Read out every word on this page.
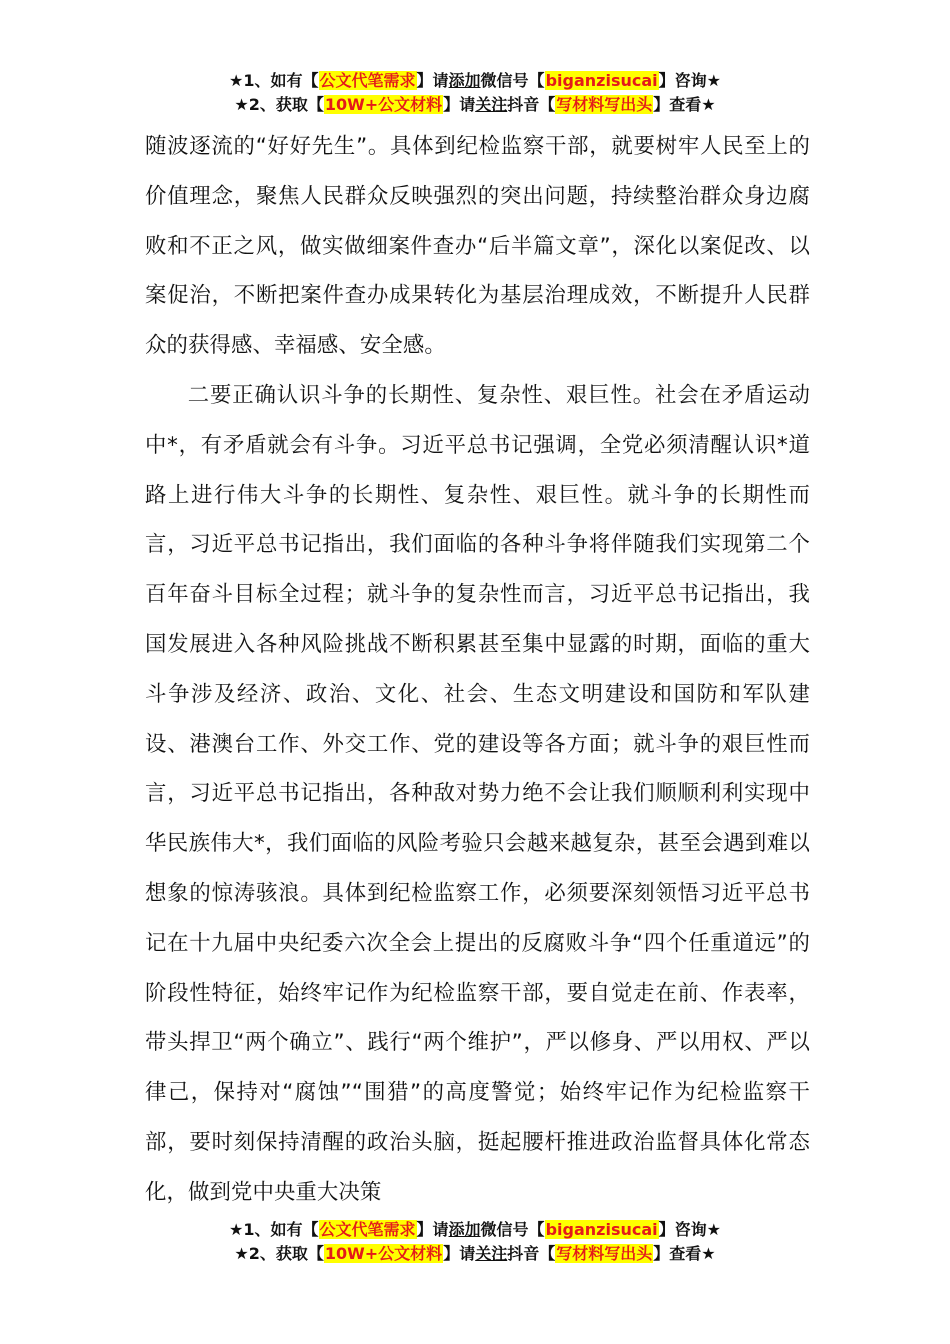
★1、如有【公文代笔需求】请添加微信号【biganzisucai】咨询★
★2、获取【10W+公文材料】请关注抖音【写材料写出头】查看★

随波逐流的“好好先生”。具体到纪检监察干部，就要树牢人民至上的价值理念，聚焦人民群众反映强烈的突出问题，持续整治群众身边腐败和不正之风，做实做细案件查办“后半篇文章”，深化以案促改、以案促治，不断把案件查办成果转化为基层治理成效，不断提升人民群众的获得感、幸福感、安全感。

二要正确认识斗争的长期性、复杂性、艰巨性。社会在矛盾运动中*，有矛盾就会有斗争。习近平总书记强调，全党必须清醒认识*道路上进行伟大斗争的长期性、复杂性、艰巨性。就斗争的长期性而言，习近平总书记指出，我们面临的各种斗争将伴随我们实现第二个百年奋斗目标全过程；就斗争的复杂性而言，习近平总书记指出，我国发展进入各种风险挑战不断积累甚至集中显露的时期，面临的重大斗争涉及经济、政治、文化、社会、生态文明建设和国防和军队建设、港澳台工作、外交工作、党的建设等各方面；就斗争的艰巨性而言，习近平总书记指出，各种敌对势力绝不会让我们顺顺利利实现中华民族伟大*，我们面临的风险考验只会越来越复杂，甚至会遇到难以想象的惊涛骇浪。具体到纪检监察工作，必须要深刻领悟习近平总书记在十九届中央纪委六次全会上提出的反腐败斗争“四个任重道远”的阶段性特征，始终牢记作为纪检监察干部，要自觉走在前、作表率，带头捍卫“两个确立”、践行“两个维护”，严以修身、严以用权、严以律己，保持对“腐蚀”“围猎”的高度警觉；始终牢记作为纪检监察干部，要时刻保持清醒的政治头脑，挺起腰杆推进政治监督具体化常态化，做到党中央重大决策

★1、如有【公文代笔需求】请添加微信号【biganzisucai】咨询★
★2、获取【10W+公文材料】请关注抖音【写材料写出头】查看★
